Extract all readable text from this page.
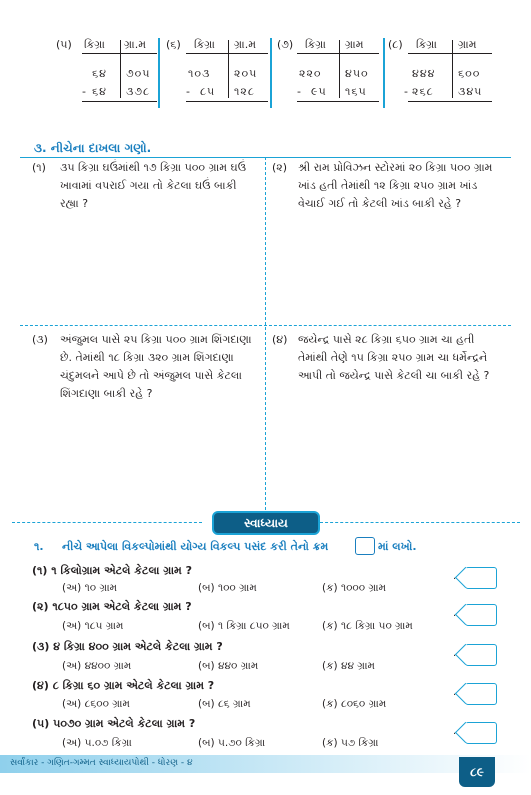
(૫) કિગ્રા ગ્રા.મ
૬૪ ૭૦૫
- ૬૪ ૩૭૮
(૬) કિગ્રા ગ્રા.મ
૧૦૩ ૨૦૫
- ૮૫ ૧૨૮
(૭) કિગ્રા ગ્રામ
૨૨૦ ૪૫૦
- ૯૫ ૧૬૫
(૮) કિગ્રા ગ્રામ
૪૪૪ ૬૦૦
- ૨૬૮ ૩૪૫
૩. નીચેના દાખલા ગણો.
(૧) ૩૫ કિગ્રા ઘઉંમાંથી ૧૭ કિગ્રા ૫૦૦ ગ્રામ ઘઉં ખાવામાં વપરાઈ ગયા તો કેટલા ઘઉં બાકી રહ્યા ?
(૨) શ્રી રામ પ્રોવિઝન સ્ટોરમાં ૨૦ કિગ્રા ૫૦૦ ગ્રામ ખાંડ હતી તેમાંથી ૧૨ કિગ્રા ૨૫૦ ગ્રામ ખાંડ વેચાઈ ગઈ તો કેટલી ખાંડ બાકી રહે ?
(૩) અંજુમલ પાસે ૨૫ કિગ્રા ૫૦૦ ગ્રામ શિંગદાણા છે. તેમાંથી ૧૮ કિગ્રા ૩૨૦ ગ્રામ શિંગદાણા ચંદુમલને આપે છે તો અંજુમલ પાસે કેટલા શિંગદાણા બાકી રહે ?
(૪) જયેન્દ્ર પાસે ૨૮ કિગ્રા ૬૫૦ ગ્રામ ચા હતી તેમાંથી તેણે ૧૫ કિગ્રા ૨૫૦ ગ્રામ ચા ધર્મેન્દ્રને આપી તો જયેન્દ્ર પાસે કેટલી ચા બાકી રહે ?
સ્વાધ્યાય
૧. નીચે આપેલા વિકલ્પોમાંથી યોગ્ય વિકલ્પ પસંદ કરી તેનો ક્રમ	માં લખો.
(૧) ૧ કિલોગ્રામ એટલે કેટલા ગ્રામ ?
(અ) ૧૦ ગ્રામ	(બ) ૧૦૦ ગ્રામ	(ક) ૧૦૦૦ ગ્રામ
(૨) ૧૮૫૦ ગ્રામ એટલે કેટલા ગ્રામ ?
(અ) ૧૮૫ ગ્રામ	(બ) ૧ કિગ્રા ૮૫૦ ગ્રામ	(ક) ૧૮ કિગ્રા ૫૦ ગ્રામ
(૩) ૪ કિગ્રા ૪૦૦ ગ્રામ એટલે કેટલા ગ્રામ ?
(અ) ૪૪૦૦ ગ્રામ	(બ) ૪૪૦ ગ્રામ	(ક) ૪૪ ગ્રામ
(૪) ૮ કિગ્રા ૬૦ ગ્રામ એટલે કેટલા ગ્રામ ?
(અ) ૮૬૦૦ ગ્રામ	(બ) ૮૬ ગ્રામ	(ક) ૮૦૬૦ ગ્રામ
(૫) ૫૦૭૦ ગ્રામ એટલે કેટલા ગ્રામ ?
(અ) ૫.૦૭ કિગ્રા	(બ) ૫.૭૦ કિગ્રા	(ક) ૫૭ કિગ્રા
સર્વાંકાર - ગણિત-ગમ્મત સ્વાધ્યાયપોથી - ધોરણ - ૪
૮૯
